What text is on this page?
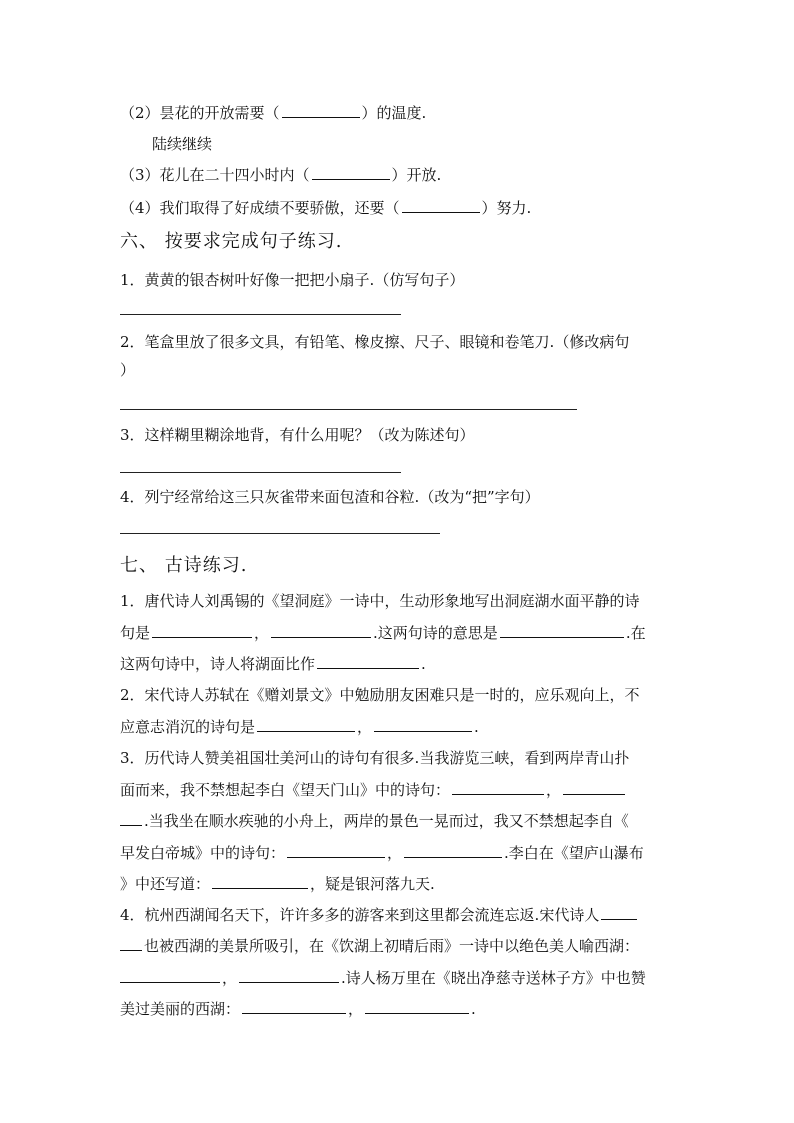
（2）昙花的开放需要（	）的温度.
陆续继续
（3）花儿在二十四小时内（	）开放.
（4）我们取得了好成绩不要骄傲，还要（	）努力.
六、 按要求完成句子练习.
1．黄黄的银杏树叶好像一把把小扇子.（仿写句子）
2．笔盒里放了很多文具，有铅笔、橡皮擦、尺子、眼镜和卷笔刀.（修改病句
）
3．这样糊里糊涂地背，有什么用呢？（改为陈述句）
4．列宁经常给这三只灰雀带来面包渣和谷粒.（改为“把”字句）
七、 古诗练习.
1．唐代诗人刘禹锡的《望洞庭》一诗中，生动形象地写出洞庭湖水面平静的诗
句是	，	.这两句诗的意思是	.在
这两句诗中，诗人将湖面比作	.
2．宋代诗人苏轼在《赠刘景文》中勉励朋友困难只是一时的，应乐观向上，不
应意志消沉的诗句是	，	.
3．历代诗人赞美祖国壮美河山的诗句有很多.当我游览三峡，看到两岸青山扑
面而来，我不禁想起李白《望天门山》中的诗句：	，
.当我坐在顺水疾驰的小舟上，两岸的景色一晃而过，我又不禁想起李自《
早发白帝城》中的诗句：	，	.李白在《望庐山瀑布
》中还写道：	，疑是银河落九天.
4．杭州西湖闻名天下，许许多多的游客来到这里都会流连忘返.宋代诗人
也被西湖的美景所吸引，在《饮湖上初晴后雨》一诗中以绝色美人喻西湖：
，	.诗人杨万里在《晓出净慈寺送林子方》中也赞
美过美丽的西湖：	，	.
